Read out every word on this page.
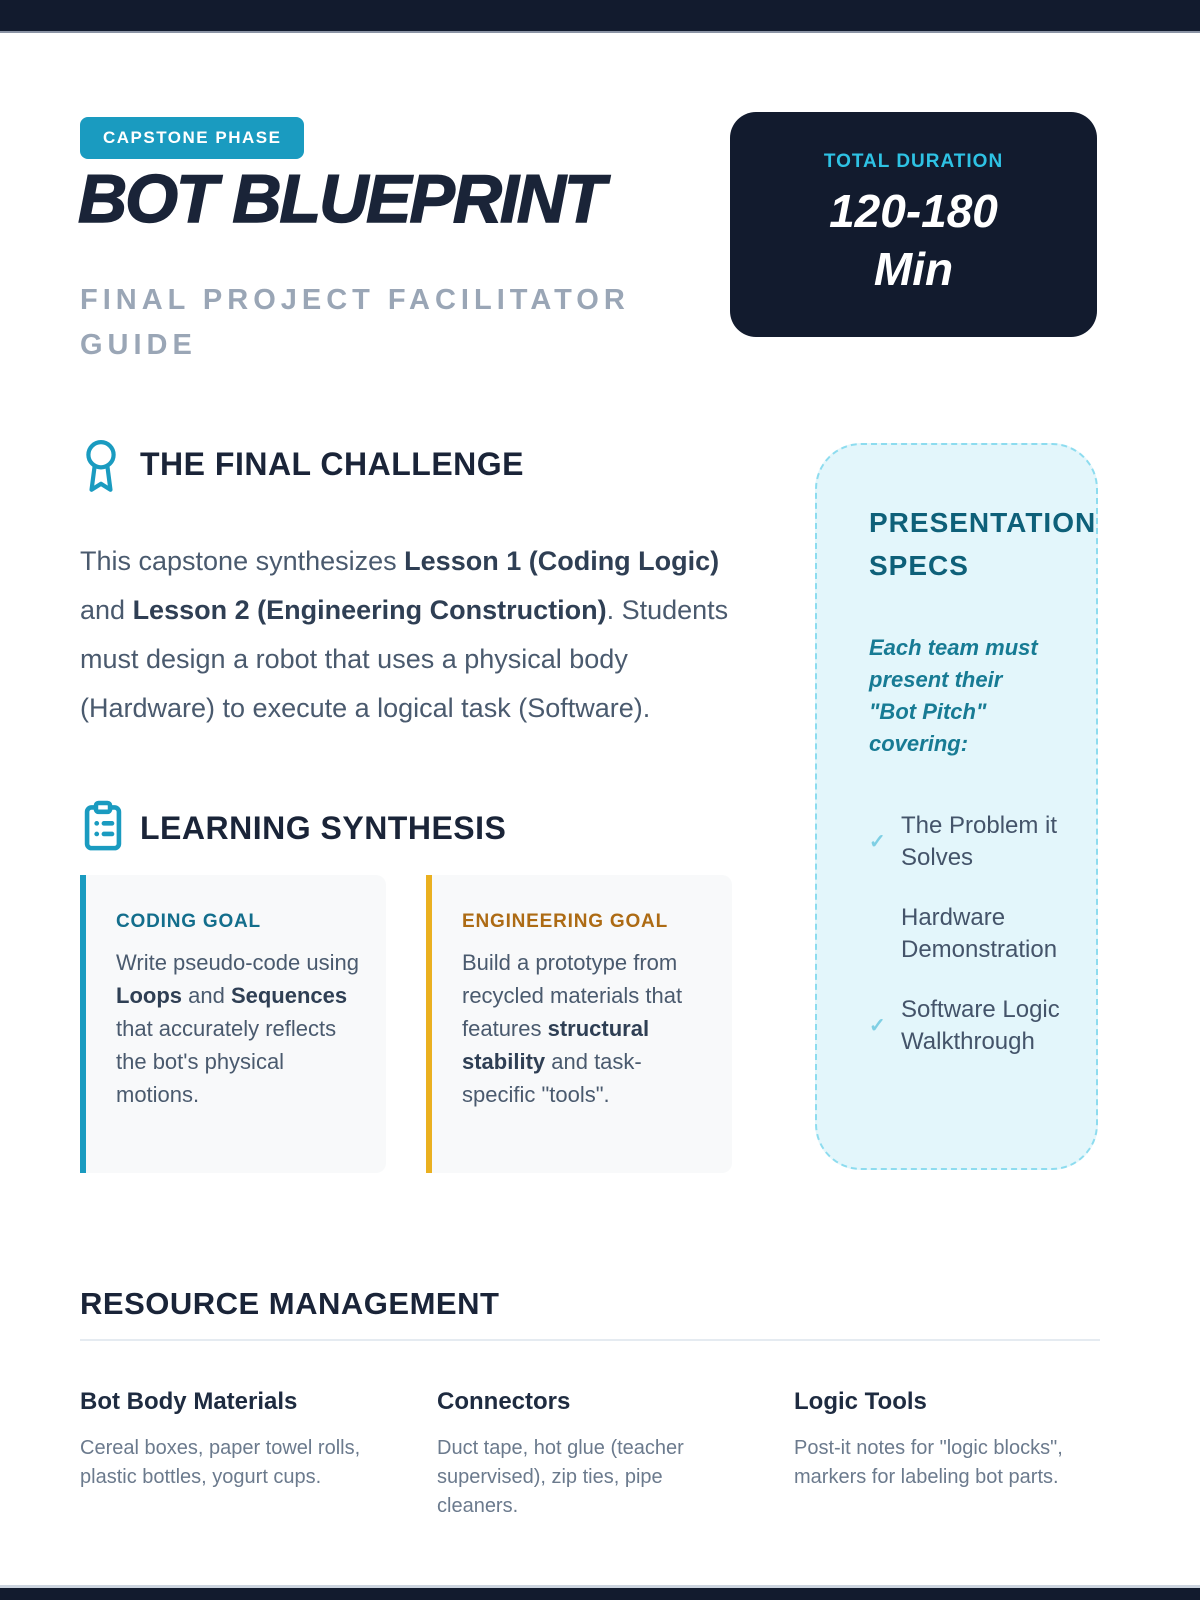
CAPSTONE PHASE
BOT BLUEPRINT
FINAL PROJECT FACILITATOR GUIDE
TOTAL DURATION
120-180 Min
THE FINAL CHALLENGE

This capstone synthesizes Lesson 1 (Coding Logic) and Lesson 2 (Engineering Construction). Students must design a robot that uses a physical body (Hardware) to execute a logical task (Software).

LEARNING SYNTHESIS
CODING GOAL
Write pseudo-code using Loops and Sequences that accurately reflects the bot's physical motions.
ENGINEERING GOAL
Build a prototype from recycled materials that features structural stability and task-specific "tools".
PRESENTATION SPECS
Each team must present their "Bot Pitch" covering:
✓
The Problem it Solves
Hardware Demonstration
✓
Software Logic Walkthrough
RESOURCE MANAGEMENT
Bot Body Materials
Cereal boxes, paper towel rolls, plastic bottles, yogurt cups.
Connectors
Duct tape, hot glue (teacher supervised), zip ties, pipe cleaners.
Logic Tools
Post-it notes for "logic blocks", markers for labeling bot parts.
